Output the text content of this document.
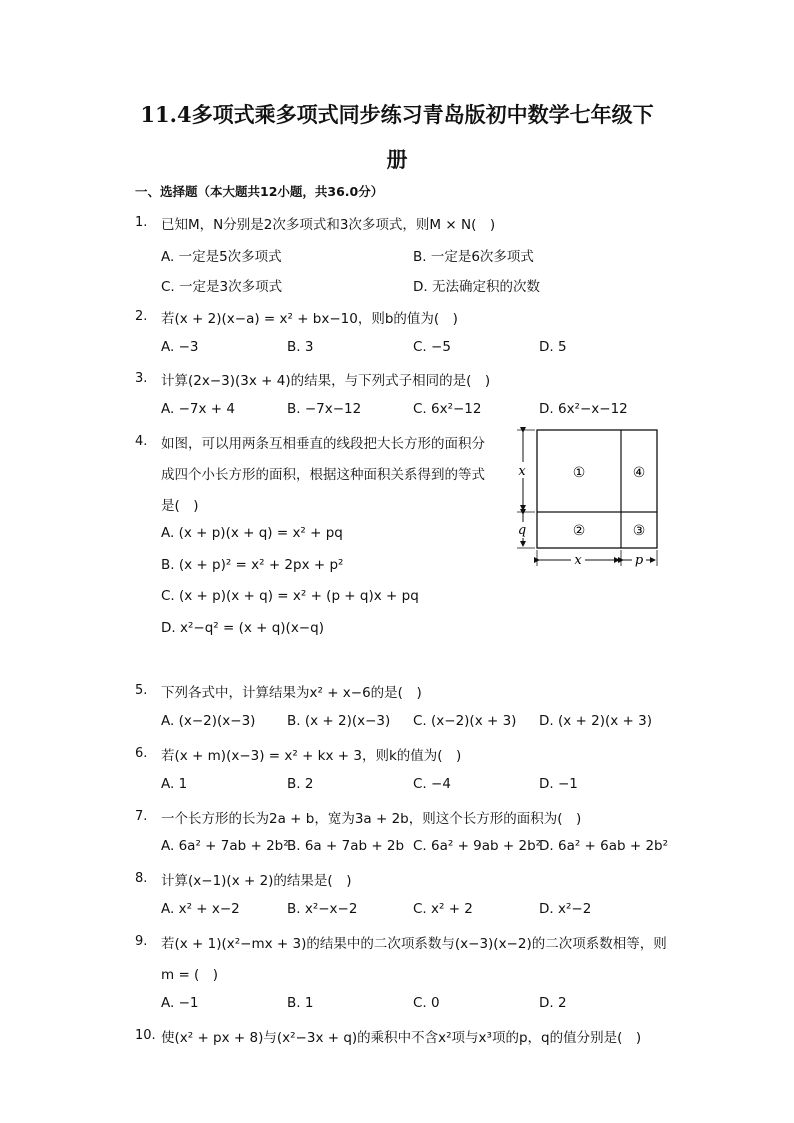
11.4多项式乘多项式同步练习青岛版初中数学七年级下
册
一、选择题（本大题共12小题，共36.0分）
1.	已知M，N分别是2次多项式和3次多项式，则M × N(　)
A. 一定是5次多项式	B. 一定是6次多项式
C. 一定是3次多项式	D. 无法确定积的次数
2.	若(x + 2)(x−a) = x² + bx−10，则b的值为(　)
A. −3	B. 3	C. −5	D. 5
3.	计算(2x−3)(3x + 4)的结果，与下列式子相同的是(　)
A. −7x + 4	B. −7x−12	C. 6x²−12	D. 6x²−x−12
4.	如图，可以用两条互相垂直的线段把大长方形的面积分
成四个小长方形的面积，根据这种面积关系得到的等式
是(　)
A. (x + p)(x + q) = x² + pq
B. (x + p)² = x² + 2px + p²
C. (x + p)(x + q) = x² + (p + q)x + pq
D. x²−q² = (x + q)(x−q)
①	④
②	③
x
q
x	p
5.	下列各式中，计算结果为x² + x−6的是(　)
A. (x−2)(x−3) B. (x + 2)(x−3) C. (x−2)(x + 3) D. (x + 2)(x + 3)
6.	若(x + m)(x−3) = x² + kx + 3，则k的值为(　)
A. 1	B. 2	C. −4	D. −1
7.	一个长方形的长为2a + b，宽为3a + 2b，则这个长方形的面积为(　)
A. 6a² + 7ab + 2b²
B. 6a + 7ab + 2b C. 6a² + 9ab + 2b²
D. 6a² + 6ab + 2b²
8.	计算(x−1)(x + 2)的结果是(　)
A. x² + x−2	B. x²−x−2	C. x² + 2	D. x²−2
9.	若(x + 1)(x²−mx + 3)的结果中的二次项系数与(x−3)(x−2)的二次项系数相等，则
m = (　)
A. −1	B. 1	C. 0	D. 2
10. 使(x² + px + 8)与(x²−3x + q)的乘积中不含x²项与x³项的p，q的值分别是(　)
